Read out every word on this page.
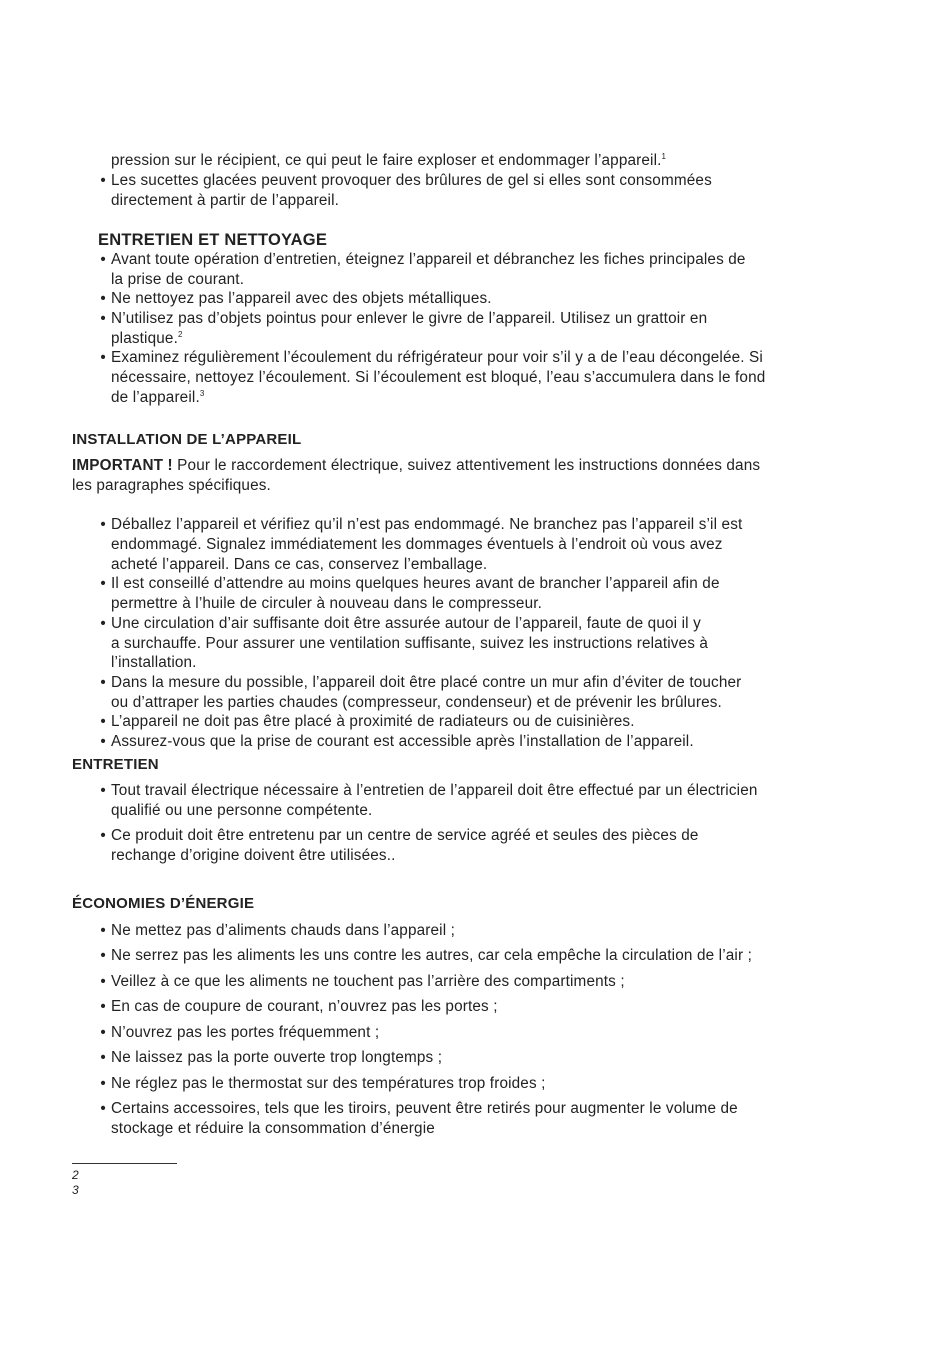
pression sur le récipient, ce qui peut le faire exploser et endommager l’appareil.$^1$
• Les sucettes glacées peuvent provoquer des brûlures de gel si elles sont consommées
directement à partir de l’appareil.
ENTRETIEN ET NETTOYAGE
• Avant toute opération d’entretien, éteignez l’appareil et débranchez les fiches principales de
la prise de courant.
• Ne nettoyez pas l’appareil avec des objets métalliques.
• N’utilisez pas d’objets pointus pour enlever le givre de l’appareil. Utilisez un grattoir en
plastique.$^2$
• Examinez régulièrement l’écoulement du réfrigérateur pour voir s’il y a de l’eau décongelée. Si
nécessaire, nettoyez l’écoulement. Si l’écoulement est bloqué, l’eau s’accumulera dans le fond
de l’appareil.$^3$
INSTALLATION DE L’APPAREIL
IMPORTANT ! Pour le raccordement électrique, suivez attentivement les instructions données dans
les paragraphes spécifiques.
• Déballez l’appareil et vérifiez qu’il n’est pas endommagé. Ne branchez pas l’appareil s’il est
endommagé. Signalez immédiatement les dommages éventuels à l’endroit où vous avez
acheté l’appareil. Dans ce cas, conservez l’emballage.
• Il est conseillé d’attendre au moins quelques heures avant de brancher l’appareil afin de
permettre à l’huile de circuler à nouveau dans le compresseur.
• Une circulation d’air suffisante doit être assurée autour de l’appareil, faute de quoi il y
a surchauffe. Pour assurer une ventilation suffisante, suivez les instructions relatives à
l’installation.
• Dans la mesure du possible, l’appareil doit être placé contre un mur afin d’éviter de toucher
ou d’attraper les parties chaudes (compresseur, condenseur) et de prévenir les brûlures.
• L’appareil ne doit pas être placé à proximité de radiateurs ou de cuisinières.
• Assurez-vous que la prise de courant est accessible après l’installation de l’appareil.
ENTRETIEN
• Tout travail électrique nécessaire à l’entretien de l’appareil doit être effectué par un électricien
qualifié ou une personne compétente.
• Ce produit doit être entretenu par un centre de service agréé et seules des pièces de
rechange d’origine doivent être utilisées..
ÉCONOMIES D’ÉNERGIE
• Ne mettez pas d’aliments chauds dans l’appareil ;
• Ne serrez pas les aliments les uns contre les autres, car cela empêche la circulation de l’air ;
• Veillez à ce que les aliments ne touchent pas l’arrière des compartiments ;
• En cas de coupure de courant, n’ouvrez pas les portes ;
• N’ouvrez pas les portes fréquemment ;
• Ne laissez pas la porte ouverte trop longtemps ;
• Ne réglez pas le thermostat sur des températures trop froides ;
• Certains accessoires, tels que les tiroirs, peuvent être retirés pour augmenter le volume de
stockage et réduire la consommation d’énergie
2
3
